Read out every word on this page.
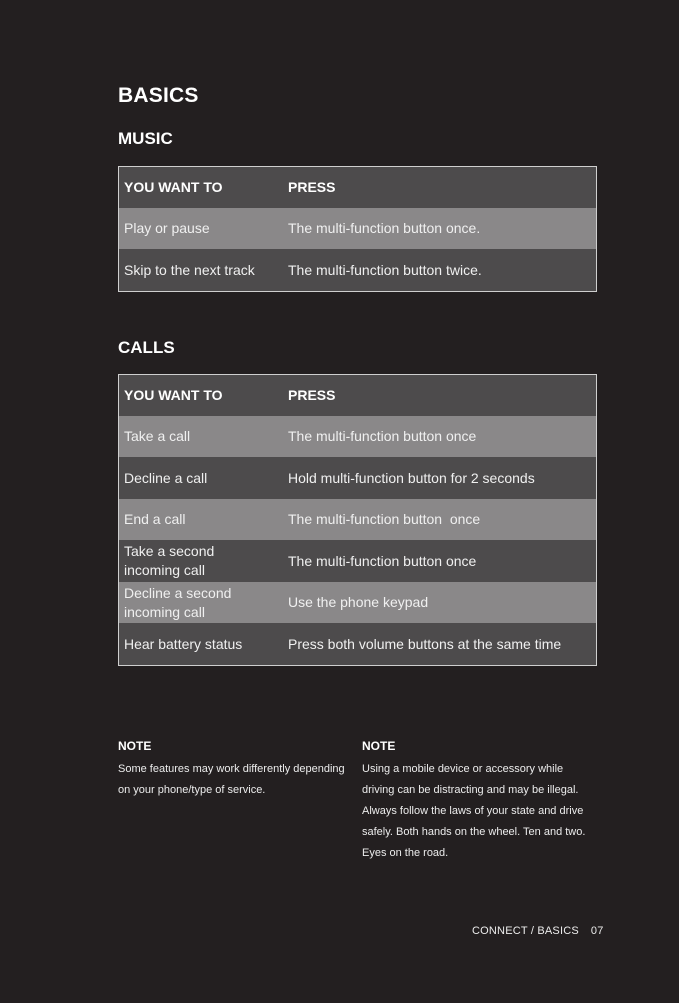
BASICS
MUSIC
YOU WANT TO	PRESS
Play or pause	The multi-function button once.
Skip to the next track	The multi-function button twice.
CALLS
YOU WANT TO	PRESS
Take a call	The multi-function button once
Decline a call	Hold multi-function button for 2 seconds
End a call	The multi-function button  once
Take a second
incoming call	The multi-function button once
Decline a second
incoming call	Use the phone keypad
Hear battery status	Press both volume buttons at the same time
NOTE
Some features may work differently depending
on your phone/type of service.
NOTE
Using a mobile device or accessory while
driving can be distracting and may be illegal.
Always follow the laws of your state and drive
safely. Both hands on the wheel. Ten and two.
Eyes on the road.
CONNECT / BASICS 07
